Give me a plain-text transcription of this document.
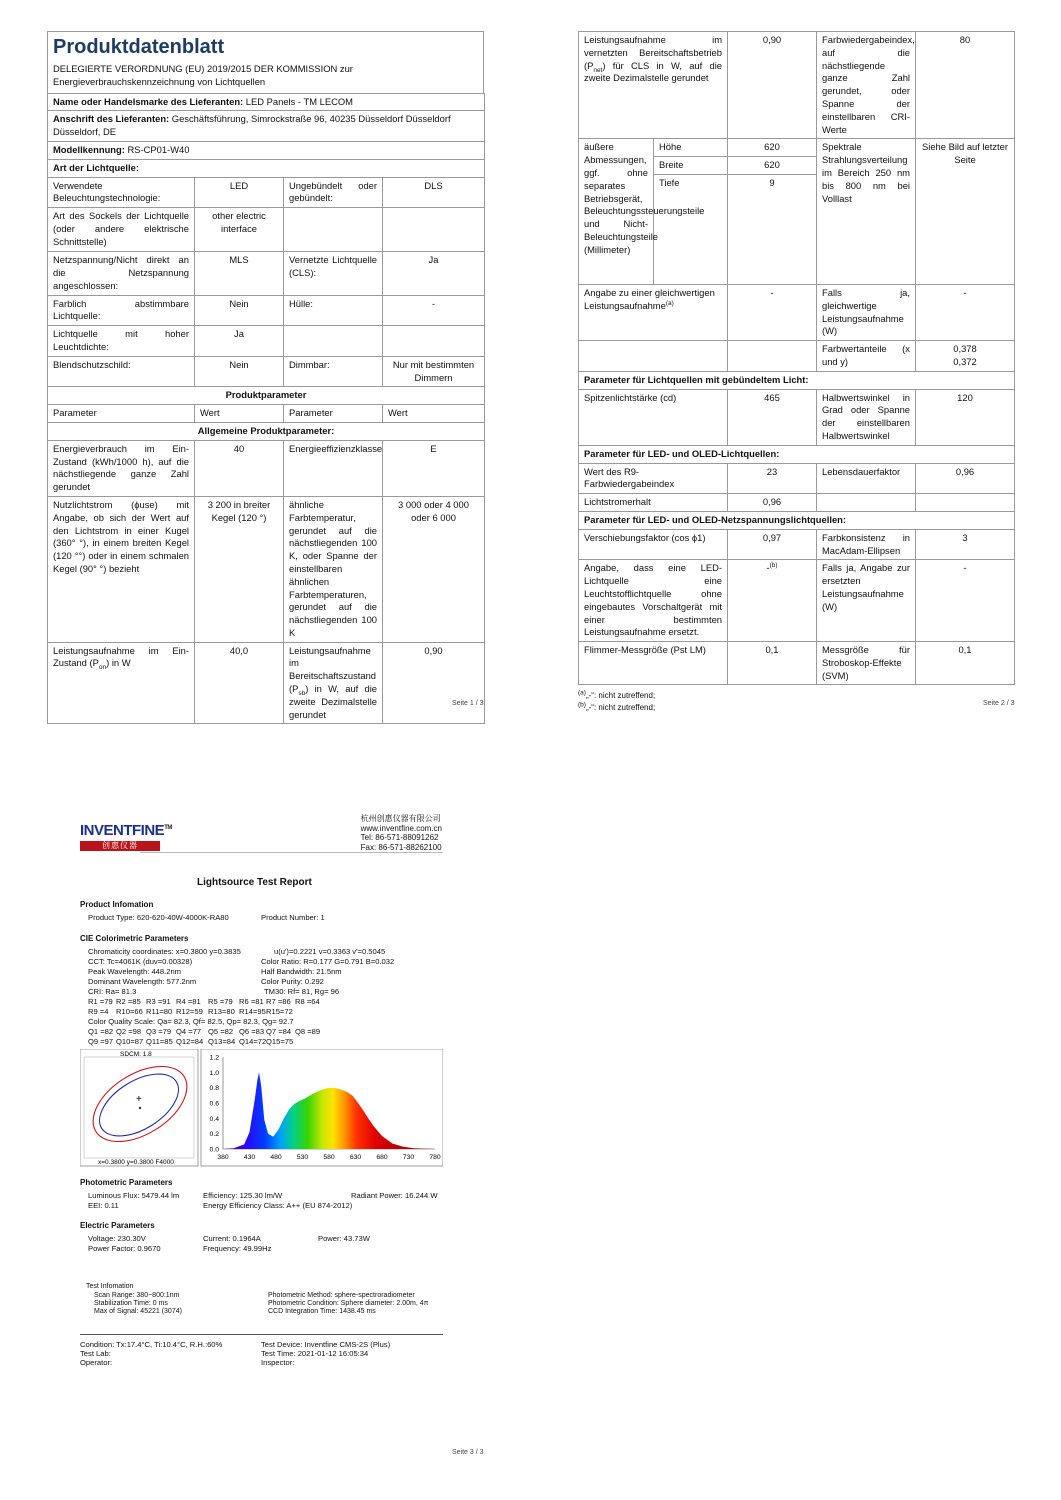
Produktdatenblatt
DELEGIERTE VERORDNUNG (EU) 2019/2015 DER KOMMISSION zur Energieverbrauchskennzeichnung von Lichtquellen
Name oder Handelsmarke des Lieferanten: LED Panels - TM LECOM			
Anschrift des Lieferanten: Geschäftsführung, Simrockstraße 96, 40235 Düsseldorf Düsseldorf Düsseldorf, DE			
Modellkennung: RS-CP01-W40			
Art der Lichtquelle:			
Verwendete Beleuchtungstechnologie:	LED	Ungebündelt oder gebündelt:	DLS
Art des Sockels der Lichtquelle (oder andere elektrische Schnittstelle)	other electric interface		
Netzspannung/Nicht direkt an die Netzspannung angeschlossen:	MLS	Vernetzte Lichtquelle (CLS):	Ja
Farblich abstimmbare Lichtquelle:	Nein	Hülle:	-
Lichtquelle mit hoher Leuchtdichte:	Ja		
Blendschutzschild:	Nein	Dimmbar:	Nur mit bestimmten Dimmern
Produktparameter			
Parameter	Wert	Parameter	Wert
Allgemeine Produktparameter:			
Energieverbrauch im Ein-Zustand (kWh/1000 h), auf die nächstliegende ganze Zahl gerundet	40	Energieeffizienzklasse	E
Nutzlichtstrom (ϕuse) mit Angabe, ob sich der Wert auf den Lichtstrom in einer Kugel (360° °), in einem breiten Kegel (120 °°) oder in einem schmalen Kegel (90° °) bezieht	3 200 in breiter Kegel (120 °)	ähnliche Farbtemperatur, gerundet auf die nächstliegenden 100 K, oder Spanne der einstellbaren ähnlichen Farbtemperaturen, gerundet auf die nächstliegenden 100 K	3 000 oder 4 000 oder 6 000
Leistungsaufnahme im Ein-Zustand $(P_{on})$ in W	40,0	Leistungsaufnahme im Bereitschaftszustand $(P_{sb})$ in W, auf die zweite Dezimalstelle gerundet	0,90
Seite 1 / 3
Leistungsaufnahme im vernetzten Bereitschaftsbetrieb $(P_{net})$ für CLS in W, auf die zweite Dezimalstelle gerundet		0,90	Farbwiedergabeindex, auf die nächstliegende ganze Zahl gerundet, oder Spanne der einstellbaren CRI-Werte	80
äußere Abmessungen, ggf. ohne separates Betriebsgerät, Beleuchtungssteuerungsteile und Nicht-Beleuchtungsteile (Millimeter)	Höhe	620	Spektrale Strahlungsverteilung im Bereich 250 nm bis 800 nm bei Volllast	Siehe Bild auf letzter Seite
	Breite	620		
	Tiefe	9		
Angabe zu einer gleichwertigen Leistungsaufnahme$^{(a)}$		-	Falls ja, gleichwertige Leistungsaufnahme (W)	-
			Farbwertanteile (x und y)	0,378
0,372

Parameter für Lichtquellen mit gebündeltem Licht:				
Spitzenlichtstärke (cd)		465	Halbwertswinkel in Grad oder Spanne der einstellbaren Halbwertswinkel	120
Parameter für LED- und OLED-Lichtquellen:				
Wert des R9-Farbwiedergabeindex		23	Lebensdauerfaktor	0,96
Lichtstromerhalt		0,96		
Parameter für LED- und OLED-Netzspannungslichtquellen:				
Verschiebungsfaktor (cos ϕ1)		0,97	Farbkonsistenz in MacAdam-Ellipsen	3
Angabe, dass eine LED-Lichtquelle eine Leuchtstofflichtquelle ohne eingebautes Vorschaltgerät mit einer bestimmten Leistungsaufnahme ersetzt.		-$^{(b)}$	Falls ja, Angabe zur ersetzten Leistungsaufnahme (W)	-
Flimmer-Messgröße (Pst LM)		0,1	Messgröße für Stroboskop-Effekte (SVM)	0,1
$^{(a)}$„-“: nicht zutreffend;
$^{(b)}$„-“: nicht zutreffend;	Seite 2 / 3
INVENTFINE™
创惠仪器
杭州创惠仪器有限公司
www.inventfine.com.cn
Tel: 86-571-88091262
Fax: 86-571-88262100
Lightsource Test Report
Product Infomation
Product Type: 620-620-40W-4000K-RA80	Product Number: 1
CIE Colorimetric Parameters
Chromaticity coordinates: x=0.3800 y=0.3835	u(u')=0.2221 v=0.3363 v'=0.5045
CCT: Tc=4061K (duv=0.00328)	Color Ratio: R=0.177 G=0.791 B=0.032
Peak Wavelength: 448.2nm	Half Bandwidth: 21.5nm
Dominant Wavelength: 577.2nm	Color Purity: 0.292
CRI: Ra= 81.3	TM30: Rf= 81, Rg= 96
R1 =79 R2 =85 R3 =91 R4 =81 R5 =79 R6 =81 R7 =86 R8 =64
R9 =4 R10=66 R11=80 R12=59 R13=80 R14=95 R15=72
Color Quality Scale: Qa= 82.3, Qf= 82.5, Qp= 82.3, Qg= 92.7
Q1 =82 Q2 =98 Q3 =79 Q4 =77 Q5 =82 Q6 =83 Q7 =84 Q8 =89
Q9 =97 Q10=87 Q11=85 Q12=84 Q13=84 Q14=72 Q15=75
+
SDCM: 1.8
x=0.3800 y=0.3800 F4000
0.0
0.2
0.4
0.6
0.8
1.0
1.2
380 430 480 530 580 630 680 730 780
Photometric Parameters
Luminous Flux: 5479.44 lm	Efficiency: 125.30 lm/W	Radiant Power: 16.244 W
EEI: 0.11	Energy Efficiency Class: A++ (EU 874-2012)
Electric Parameters
Voltage: 230.30V	Current: 0.1964A	Power: 43.73W
Power Factor: 0.9670	Frequency: 49.99Hz
Test Infomation
Scan Range: 380~800:1nm
Stabilization Time: 0 ms
Max of Signal: 45221 (3074)
Photometric Method: sphere-spectroradiometer
Photometric Condition: Sphere diameter: 2.00m, 4π
CCD Integration Time: 1438.45 ms
Condition: Tx:17.4°C, Ti:10.4°C, R.H.:60%	Test Device: Inventfine CMS-2S (Plus)
Test Lab:	Test Time: 2021-01-12 16:05:34
Operator:	Inspector:
Seite 3 / 3
